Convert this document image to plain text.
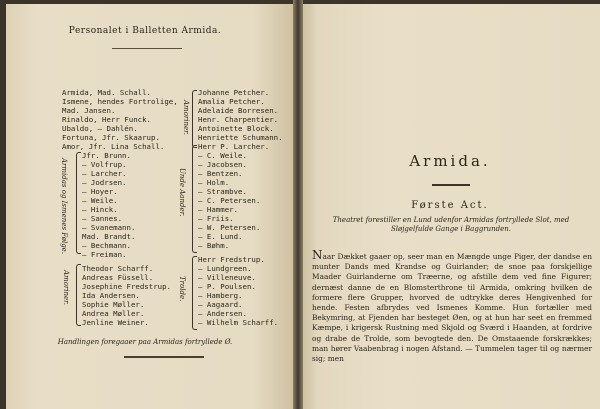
Personalet i Balletten Armida.
Armida, Mad. Schall.
Ismene, hendes Fortrolige,
Mad. Jansen.
Rinaldo, Herr Funck.
Ubaldo, — Dahlén.
Fortuna, Jfr. Skaarup.
Amor, Jfr. Lina Schall.
Armidas og Ismenes Følge.
Jfr. Brunn.
— Volfrup.
— Larcher.
— Jodrsen.
— Hoyer.
— Weile.
— Hinck.
— Sannes.
— Svanemann.
Mad. Brandt.
— Bechmann.
— Freiman.
Amoriner.
Theodor Scharff.
Andreas Füssell.
Josephine Fredstrup.
Ida Andersen.
Sophie Møller.
Andrea Møller.
Jenline Weiner.
Amoriner.
Johanne Petcher.
Amalia Petcher.
Adelaide Borresen.
Henr. Charpentier.
Antoinette Block.
Henriette Schumann.
Unde Aander.
Herr P. Larcher.
— C. Weile.
— Jacobsen.
— Bentzen.
— Holm.
— Strambve.
— C. Petersen.
— Hammer.
— Friis.
— W. Petersen.
— E. Lund.
— Bøhm.
Trolde.
Herr Fredstrup.
— Lundgreen.
— Villeneuve.
— P. Poulsen.
— Hamberg.
— Aagaard.
— Andersen.
— Wilhelm Scharff.
Handlingen foregaaer paa Armidas fortryllede Ø.
Armida.
Første Act.
Theatret forestiller en Lund udenfor Armidas fortryllede Slot, med Sløjgelfulde Gange i Baggrunden.
Naar Dækket gaaer op, seer man en Mængde unge Piger, der dandse en munter Dands med Krandse og Guirlander; de snoe paa forskjellige Maader Guirlanderne om Træerne, og afstille dem ved fine Figurer; dernæst danne de en Blomsterthrone til Armida, omkring hvilken de formere flere Grupper, hvorved de udtrykke deres Hengivenhed for hende. Festen afbrydes ved Ismenes Komme. Hun fortæller med Bekymring, at Fjenden har besteget Øen, og at hun har seet en fremmed Kæmpe, i krigersk Rustning med Skjold og Sværd i Haanden, at fordrive og drabe de Trolde, som bevogtede den. De Omstaaende forskrækkes; man hører Vaabenbrag i nogen Afstand. — Tummelen tager til og nærmer sig; men
